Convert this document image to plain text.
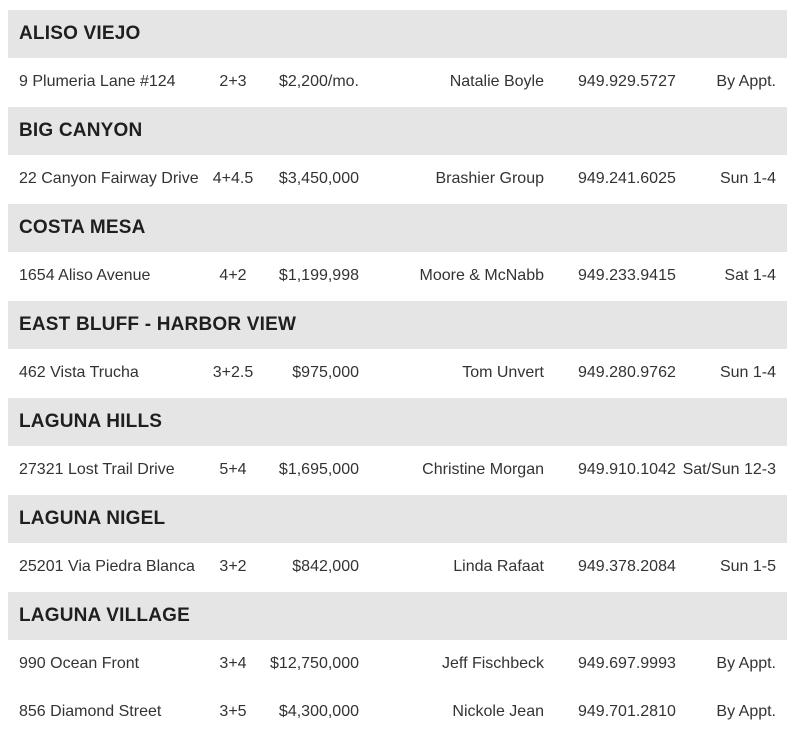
ALISO VIEJO
9 Plumeria Lane #124	2+3	$2,200/mo.	Natalie Boyle 949.929.5727	By Appt.
BIG CANYON
22 Canyon Fairway Drive 4+4.5	$3,450,000	Brashier Group 949.241.6025	Sun 1-4
COSTA MESA
1654 Aliso Avenue	4+2	$1,199,998	Moore & McNabb 949.233.9415	Sat 1-4
EAST BLUFF - HARBOR VIEW
462 Vista Trucha	3+2.5	$975,000	Tom Unvert 949.280.9762	Sun 1-4
LAGUNA HILLS
27321 Lost Trail Drive	5+4	$1,695,000	Christine Morgan 949.910.1042 Sat/Sun 12-3
LAGUNA NIGEL
25201 Via Piedra Blanca	3+2	$842,000	Linda Rafaat 949.378.2084	Sun 1-5
LAGUNA VILLAGE
990 Ocean Front	3+4	$12,750,000	Jeff Fischbeck 949.697.9993	By Appt.
856 Diamond Street	3+5	$4,300,000	Nickole Jean 949.701.2810	By Appt.
